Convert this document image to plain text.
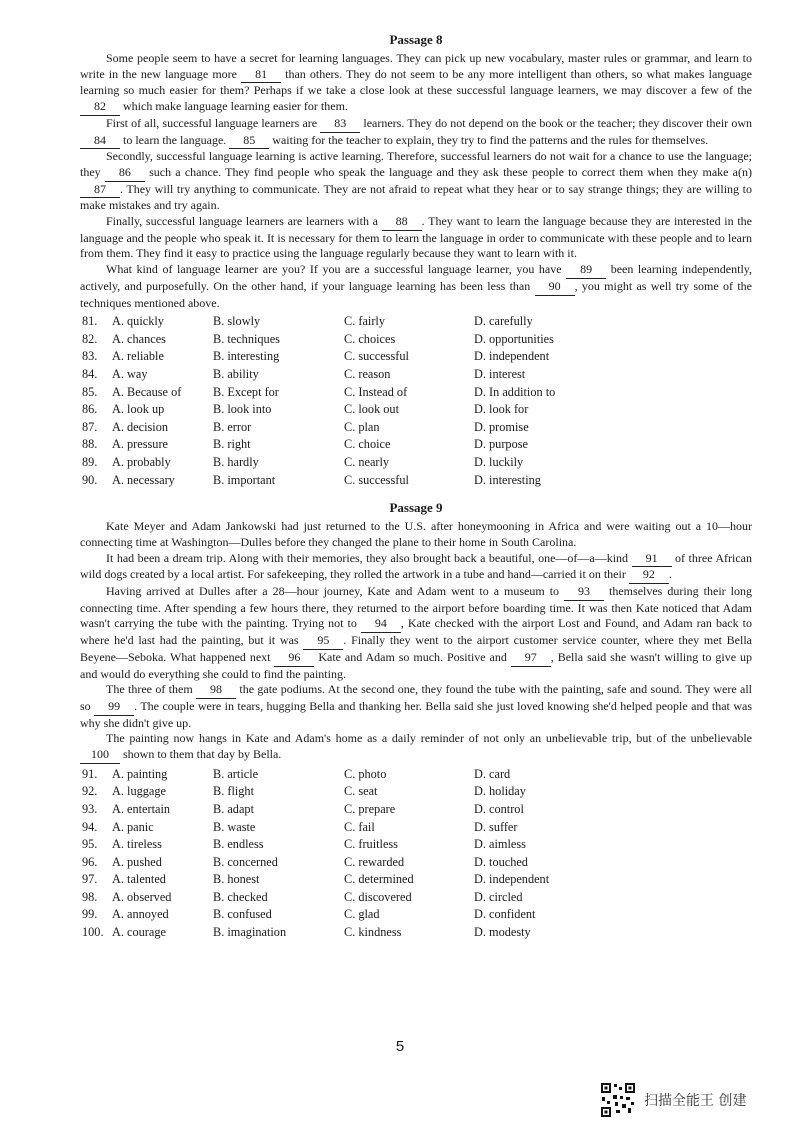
Passage 8

Some people seem to have a secret for learning languages. They can pick up new vocabulary, master rules or grammar, and learn to write in the new language more 81 than others. They do not seem to be any more intelligent than others, so what makes language learning so much easier for them? Perhaps if we take a close look at these successful language learners, we may discover a few of the 82 which make language learning easier for them.

First of all, successful language learners are 83 learners. They do not depend on the book or the teacher; they discover their own 84 to learn the language. 85 waiting for the teacher to explain, they try to find the patterns and the rules for themselves.

Secondly, successful language learning is active learning. Therefore, successful learners do not wait for a chance to use the language; they 86 such a chance. They find people who speak the language and they ask these people to correct them when they make a(n) 87 . They will try anything to communicate. They are not afraid to repeat what they hear or to say strange things; they are willing to make mistakes and try again.

Finally, successful language learners are learners with a 88 . They want to learn the language because they are interested in the language and the people who speak it. It is necessary for them to learn the language in order to communicate with these people and to learn from them. They find it easy to practice using the language regularly because they want to learn with it.

What kind of language learner are you? If you are a successful language learner, you have 89 been learning independently, actively, and purposefully. On the other hand, if your language learning has been less than 90 , you might as well try some of the techniques mentioned above.

81.	A. quickly	B. slowly	C. fairly	D. carefully
82.	A. chances	B. techniques	C. choices	D. opportunities
83.	A. reliable	B. interesting	C. successful	D. independent
84.	A. way	B. ability	C. reason	D. interest
85.	A. Because of	B. Except for	C. Instead of	D. In addition to
86.	A. look up	B. look into	C. look out	D. look for
87.	A. decision	B. error	C. plan	D. promise
88.	A. pressure	B. right	C. choice	D. purpose
89.	A. probably	B. hardly	C. nearly	D. luckily
90.	A. necessary	B. important	C. successful	D. interesting
Passage 9

Kate Meyer and Adam Jankowski had just returned to the U.S. after honeymooning in Africa and were waiting out a 10—hour connecting time at Washington—Dulles before they changed the plane to their home in South Carolina.

It had been a dream trip. Along with their memories, they also brought back a beautiful, one—of—a—kind 91 of three African wild dogs created by a local artist. For safekeeping, they rolled the artwork in a tube and hand—carried it on their 92 .

Having arrived at Dulles after a 28—hour journey, Kate and Adam went to a museum to 93 themselves during their long connecting time. After spending a few hours there, they returned to the airport before boarding time. It was then Kate noticed that Adam wasn't carrying the tube with the painting. Trying not to 94 , Kate checked with the airport Lost and Found, and Adam ran back to where he'd last had the painting, but it was 95 . Finally they went to the airport customer service counter, where they met Bella Beyene—Seboka. What happened next 96 Kate and Adam so much. Positive and 97 , Bella said she wasn't willing to give up and would do everything she could to find the painting.

The three of them 98 the gate podiums. At the second one, they found the tube with the painting, safe and sound. They were all so 99 . The couple were in tears, hugging Bella and thanking her. Bella said she just loved knowing she'd helped people and that was why she didn't give up.

The painting now hangs in Kate and Adam's home as a daily reminder of not only an unbelievable trip, but of the unbelievable 100 shown to them that day by Bella.

91.	A. painting	B. article	C. photo	D. card
92.	A. luggage	B. flight	C. seat	D. holiday
93.	A. entertain	B. adapt	C. prepare	D. control
94.	A. panic	B. waste	C. fail	D. suffer
95.	A. tireless	B. endless	C. fruitless	D. aimless
96.	A. pushed	B. concerned	C. rewarded	D. touched
97.	A. talented	B. honest	C. determined	D. independent
98.	A. observed	B. checked	C. discovered	D. circled
99.	A. annoyed	B. confused	C. glad	D. confident
100. A. courage	B. imagination	C. kindness	D. modesty
5
扫描全能王 创建
